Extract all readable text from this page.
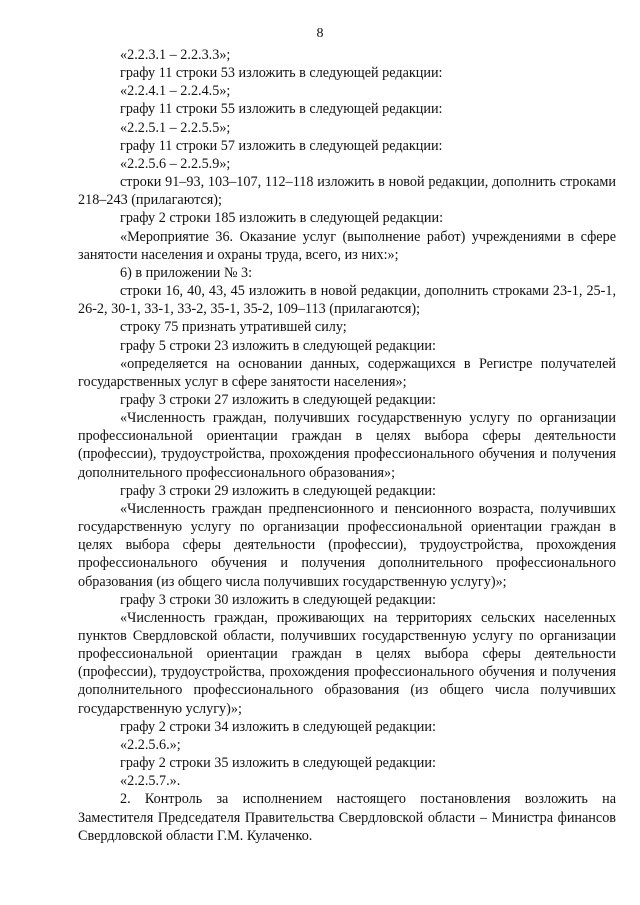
8

«2.2.3.1 – 2.2.3.3»;

графу 11 строки 53 изложить в следующей редакции:

«2.2.4.1 – 2.2.4.5»;

графу 11 строки 55 изложить в следующей редакции:

«2.2.5.1 – 2.2.5.5»;

графу 11 строки 57 изложить в следующей редакции:

«2.2.5.6 – 2.2.5.9»;

строки 91–93, 103–107, 112–118 изложить в новой редакции, дополнить строками 218–243 (прилагаются);

графу 2 строки 185 изложить в следующей редакции:

«Мероприятие 36. Оказание услуг (выполнение работ) учреждениями в сфере занятости населения и охраны труда, всего, из них:»;

6) в приложении № 3:

строки 16, 40, 43, 45 изложить в новой редакции, дополнить строками 23-1, 25-1, 26-2, 30-1, 33-1, 33-2, 35-1, 35-2, 109–113 (прилагаются);

строку 75 признать утратившей силу;

графу 5 строки 23 изложить в следующей редакции:

«определяется на основании данных, содержащихся в Регистре получателей государственных услуг в сфере занятости населения»;

графу 3 строки 27 изложить в следующей редакции:

«Численность граждан, получивших государственную услугу по организации профессиональной ориентации граждан в целях выбора сферы деятельности (профессии), трудоустройства, прохождения профессионального обучения и получения дополнительного профессионального образования»;

графу 3 строки 29 изложить в следующей редакции:

«Численность граждан предпенсионного и пенсионного возраста, получивших государственную услугу по организации профессиональной ориентации граждан в целях выбора сферы деятельности (профессии), трудоустройства, прохождения профессионального обучения и получения дополнительного профессионального образования (из общего числа получивших государственную услугу)»;

графу 3 строки 30 изложить в следующей редакции:

«Численность граждан, проживающих на территориях сельских населенных пунктов Свердловской области, получивших государственную услугу по организации профессиональной ориентации граждан в целях выбора сферы деятельности (профессии), трудоустройства, прохождения профессионального обучения и получения дополнительного профессионального образования (из общего числа получивших государственную услугу)»;

графу 2 строки 34 изложить в следующей редакции:

«2.2.5.6.»;

графу 2 строки 35 изложить в следующей редакции:

«2.2.5.7.».

2. Контроль за исполнением настоящего постановления возложить на Заместителя Председателя Правительства Свердловской области – Министра финансов Свердловской области Г.М. Кулаченко.
